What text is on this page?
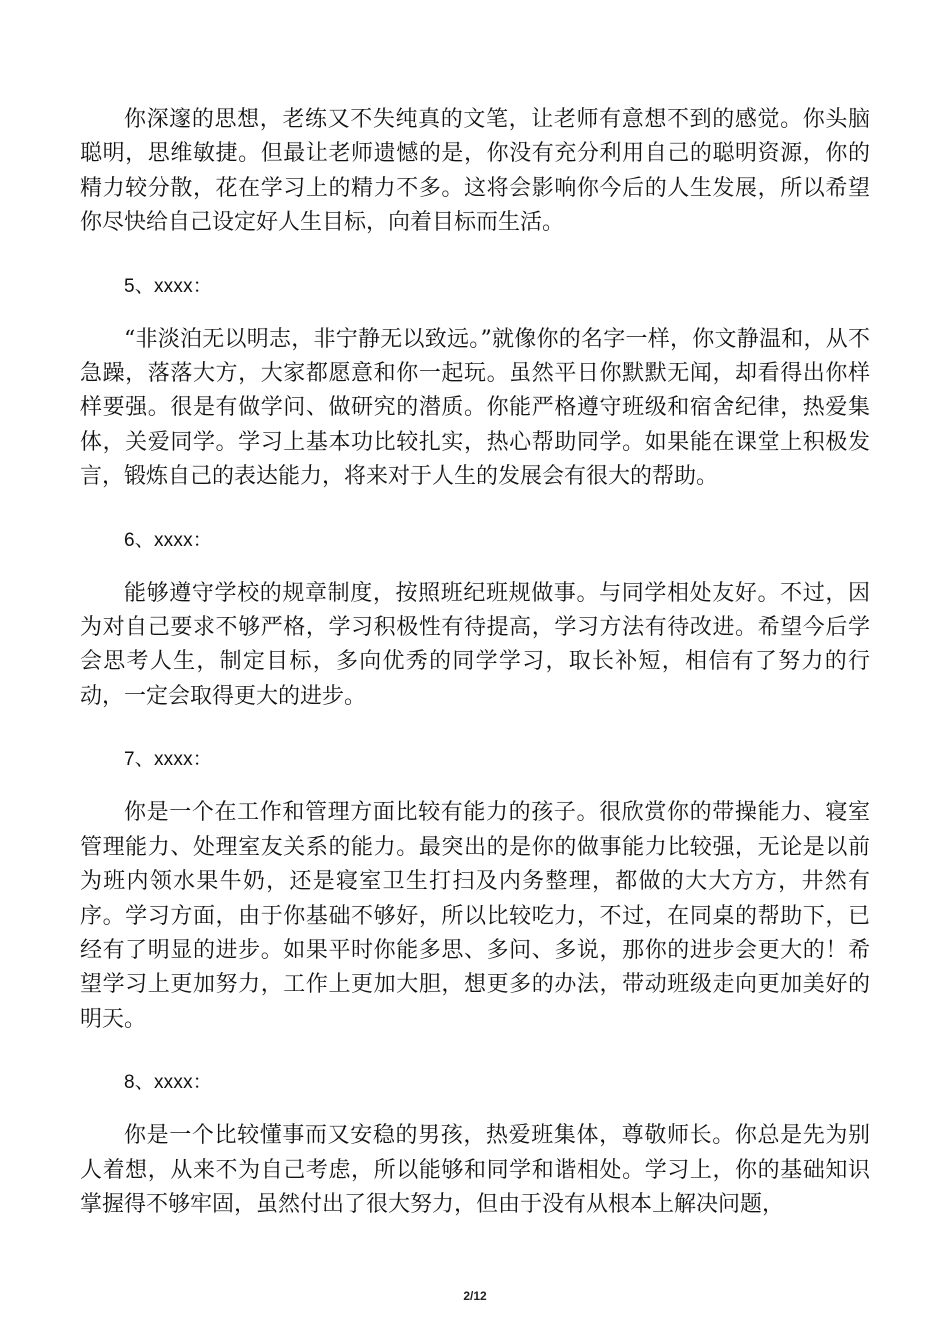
你深邃的思想，老练又不失纯真的文笔，让老师有意想不到的感觉。你头脑聪明，思维敏捷。但最让老师遗憾的是，你没有充分利用自己的聪明资源，你的精力较分散，花在学习上的精力不多。这将会影响你今后的人生发展，所以希望你尽快给自己设定好人生目标，向着目标而生活。

5、xxxx：

“非淡泊无以明志，非宁静无以致远。”就像你的名字一样，你文静温和，从不急躁，落落大方，大家都愿意和你一起玩。虽然平日你默默无闻，却看得出你样样要强。很是有做学问、做研究的潜质。你能严格遵守班级和宿舍纪律，热爱集体，关爱同学。学习上基本功比较扎实，热心帮助同学。如果能在课堂上积极发言，锻炼自己的表达能力，将来对于人生的发展会有很大的帮助。

6、xxxx：

能够遵守学校的规章制度，按照班纪班规做事。与同学相处友好。不过，因为对自己要求不够严格，学习积极性有待提高，学习方法有待改进。希望今后学会思考人生，制定目标，多向优秀的同学学习，取长补短，相信有了努力的行动，一定会取得更大的进步。

7、xxxx：

你是一个在工作和管理方面比较有能力的孩子。很欣赏你的带操能力、寝室管理能力、处理室友关系的能力。最突出的是你的做事能力比较强，无论是以前为班内领水果牛奶，还是寝室卫生打扫及内务整理，都做的大大方方，井然有序。学习方面，由于你基础不够好，所以比较吃力，不过，在同桌的帮助下，已经有了明显的进步。如果平时你能多思、多问、多说，那你的进步会更大的！希望学习上更加努力，工作上更加大胆，想更多的办法，带动班级走向更加美好的明天。

8、xxxx：

你是一个比较懂事而又安稳的男孩，热爱班集体，尊敬师长。你总是先为别人着想，从来不为自己考虑，所以能够和同学和谐相处。学习上，你的基础知识掌握得不够牢固，虽然付出了很大努力，但由于没有从根本上解决问题，

2/12
